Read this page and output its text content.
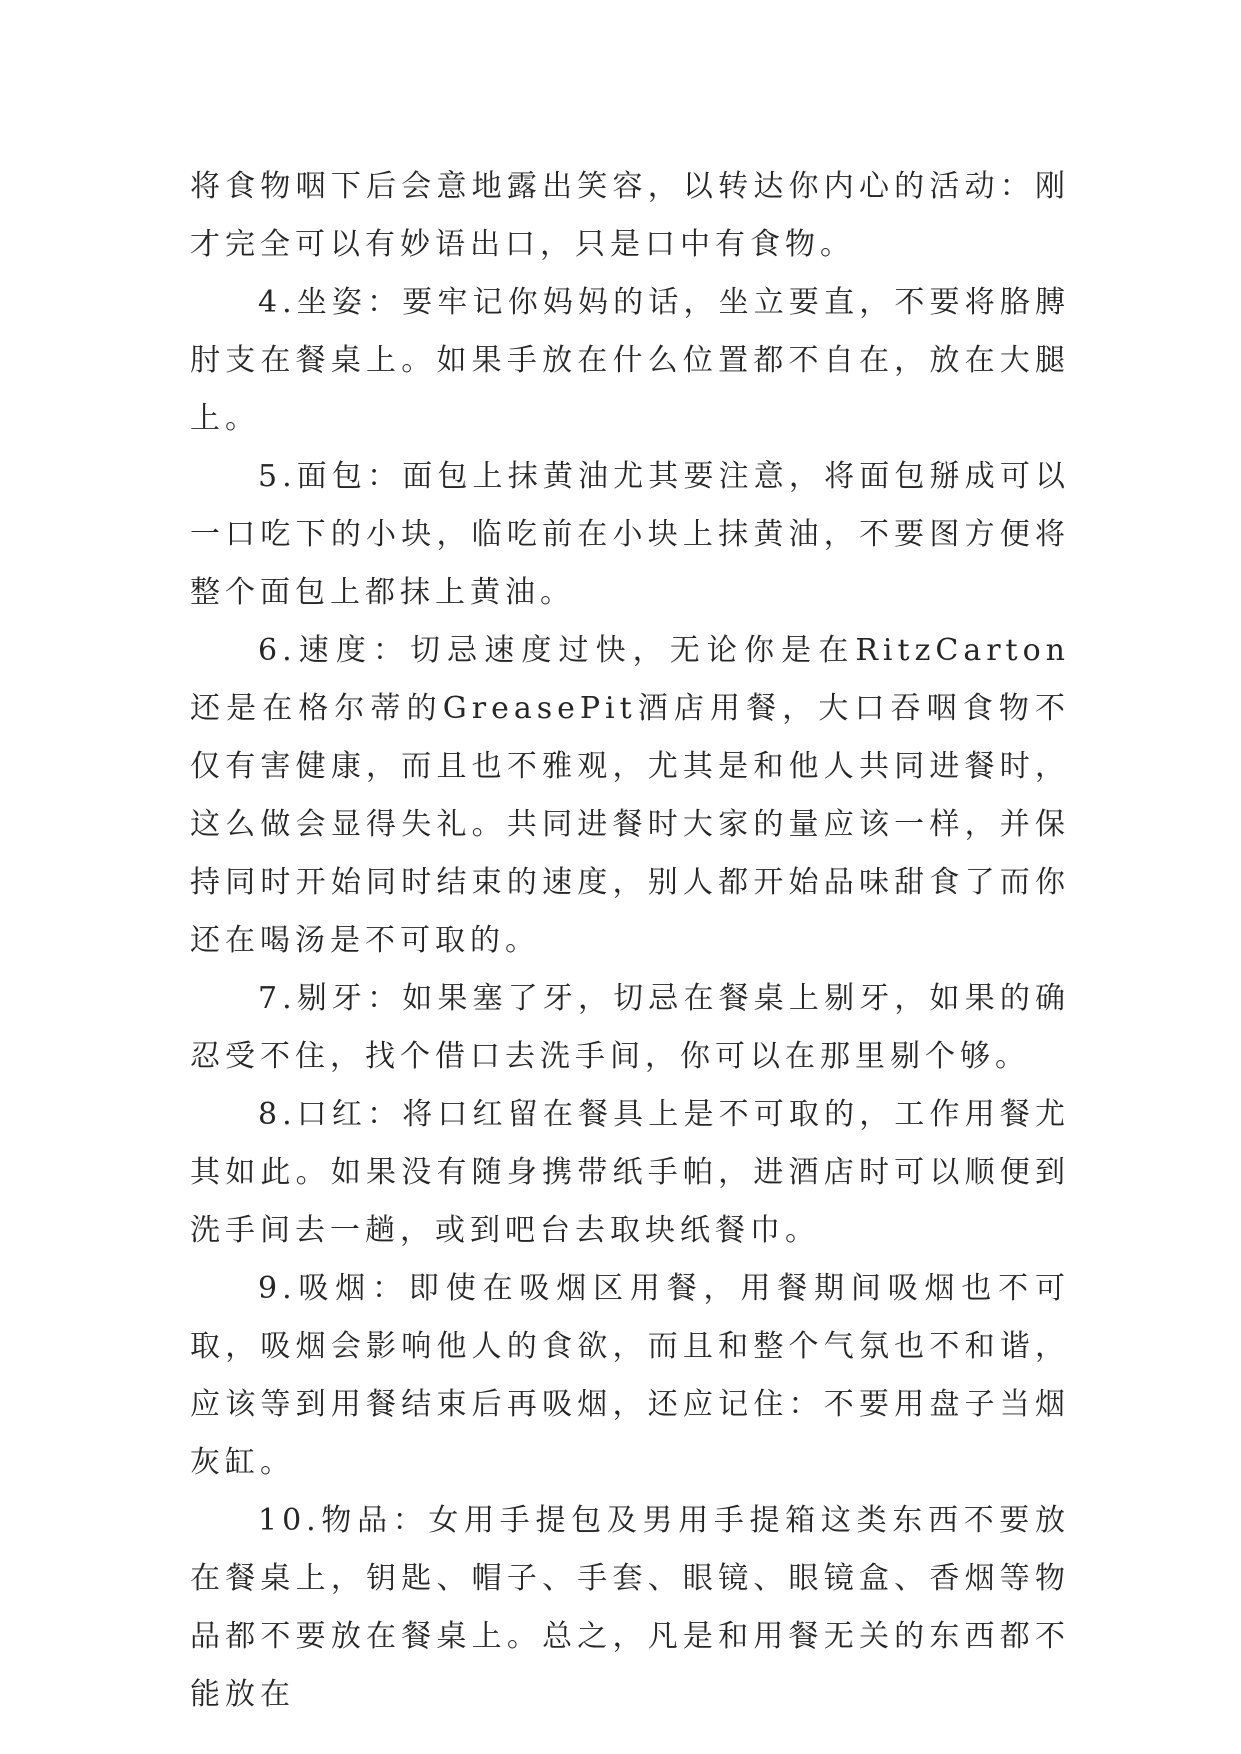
将食物咽下后会意地露出笑容，以转达你内心的活动：刚才完全可以有妙语出口，只是口中有食物。

4.坐姿：要牢记你妈妈的话，坐立要直，不要将胳膊肘支在餐桌上。如果手放在什么位置都不自在，放在大腿上。

5.面包：面包上抹黄油尤其要注意，将面包掰成可以一口吃下的小块，临吃前在小块上抹黄油，不要图方便将整个面包上都抹上黄油。

6.速度：切忌速度过快，无论你是在RitzCarton还是在格尔蒂的GreasePit酒店用餐，大口吞咽食物不仅有害健康，而且也不雅观，尤其是和他人共同进餐时，这么做会显得失礼。共同进餐时大家的量应该一样，并保持同时开始同时结束的速度，别人都开始品味甜食了而你还在喝汤是不可取的。

7.剔牙：如果塞了牙，切忌在餐桌上剔牙，如果的确忍受不住，找个借口去洗手间，你可以在那里剔个够。

8.口红：将口红留在餐具上是不可取的，工作用餐尤其如此。如果没有随身携带纸手帕，进酒店时可以顺便到洗手间去一趟，或到吧台去取块纸餐巾。

9.吸烟：即使在吸烟区用餐，用餐期间吸烟也不可取，吸烟会影响他人的食欲，而且和整个气氛也不和谐，应该等到用餐结束后再吸烟，还应记住：不要用盘子当烟灰缸。

10.物品：女用手提包及男用手提箱这类东西不要放在餐桌上，钥匙、帽子、手套、眼镜、眼镜盒、香烟等物品都不要放在餐桌上。总之，凡是和用餐无关的东西都不能放在
